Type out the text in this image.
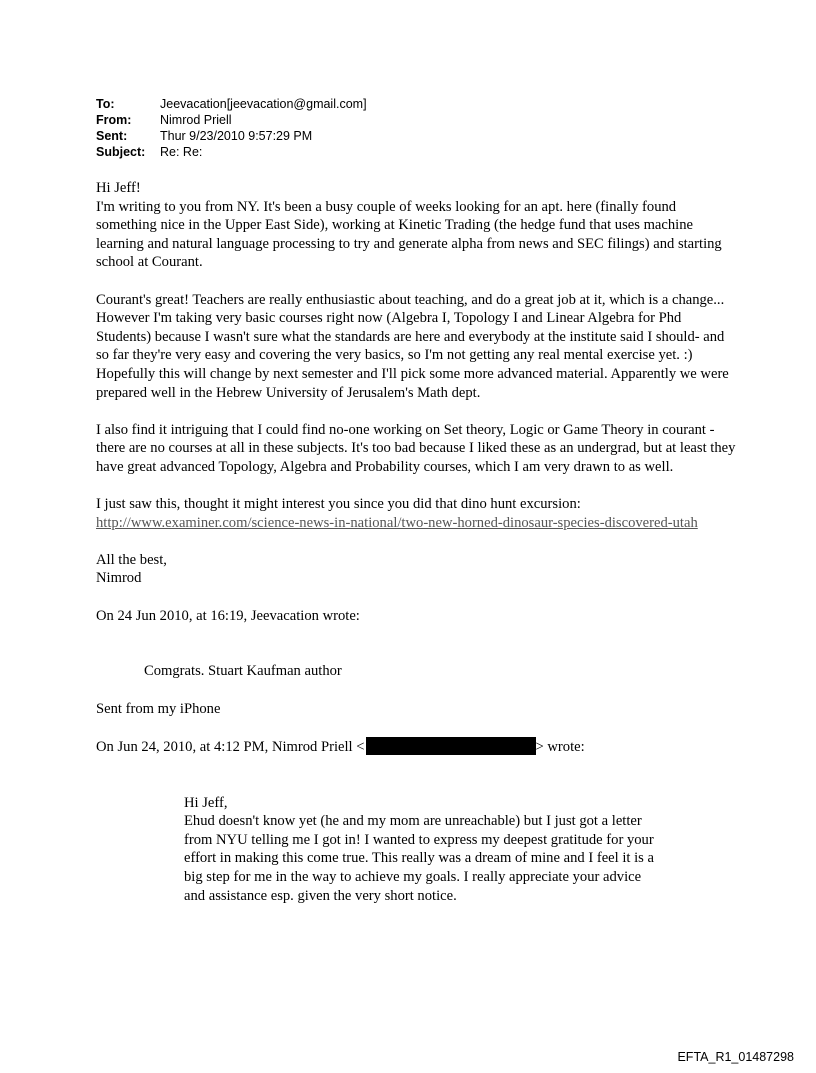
To:	Jeevacation[jeevacation@gmail.com]
From:	Nimrod Priell
Sent:	Thur 9/23/2010 9:57:29 PM
Subject:	Re: Re:

Hi Jeff!

I'm writing to you from NY. It's been a busy couple of weeks looking for an apt. here (finally found something nice in the Upper East Side), working at Kinetic Trading (the hedge fund that uses machine learning and natural language processing to try and generate alpha from news and SEC filings) and starting school at Courant.

Courant's great! Teachers are really enthusiastic about teaching, and do a great job at it, which is a change... However I'm taking very basic courses right now (Algebra I, Topology I and Linear Algebra for Phd Students) because I wasn't sure what the standards are here and everybody at the institute said I should- and so far they're very easy and covering the very basics, so I'm not getting any real mental exercise yet. :) Hopefully this will change by next semester and I'll pick some more advanced material. Apparently we were prepared well in the Hebrew University of Jerusalem's Math dept.

I also find it intriguing that I could find no-one working on Set theory, Logic or Game Theory in courant - there are no courses at all in these subjects. It's too bad because I liked these as an undergrad, but at least they have great advanced Topology, Algebra and Probability courses, which I am very drawn to as well.

I just saw this, thought it might interest you since you did that dino hunt excursion:

http://www.examiner.com/science-news-in-national/two-new-horned-dinosaur-species-discovered-utah

All the best,

Nimrod

On 24 Jun 2010, at 16:19, Jeevacation wrote:

Comgrats. Stuart Kaufman author

Sent from my iPhone

On Jun 24, 2010, at 4:12 PM, Nimrod Priell <	> wrote:

Hi Jeff,

Ehud doesn't know yet (he and my mom are unreachable) but I just got a letter from NYU telling me I got in! I wanted to express my deepest gratitude for your effort in making this come true. This really was a dream of mine and I feel it is a big step for me in the way to achieve my goals. I really appreciate your advice and assistance esp. given the very short notice.

EFTA_R1_01487298
